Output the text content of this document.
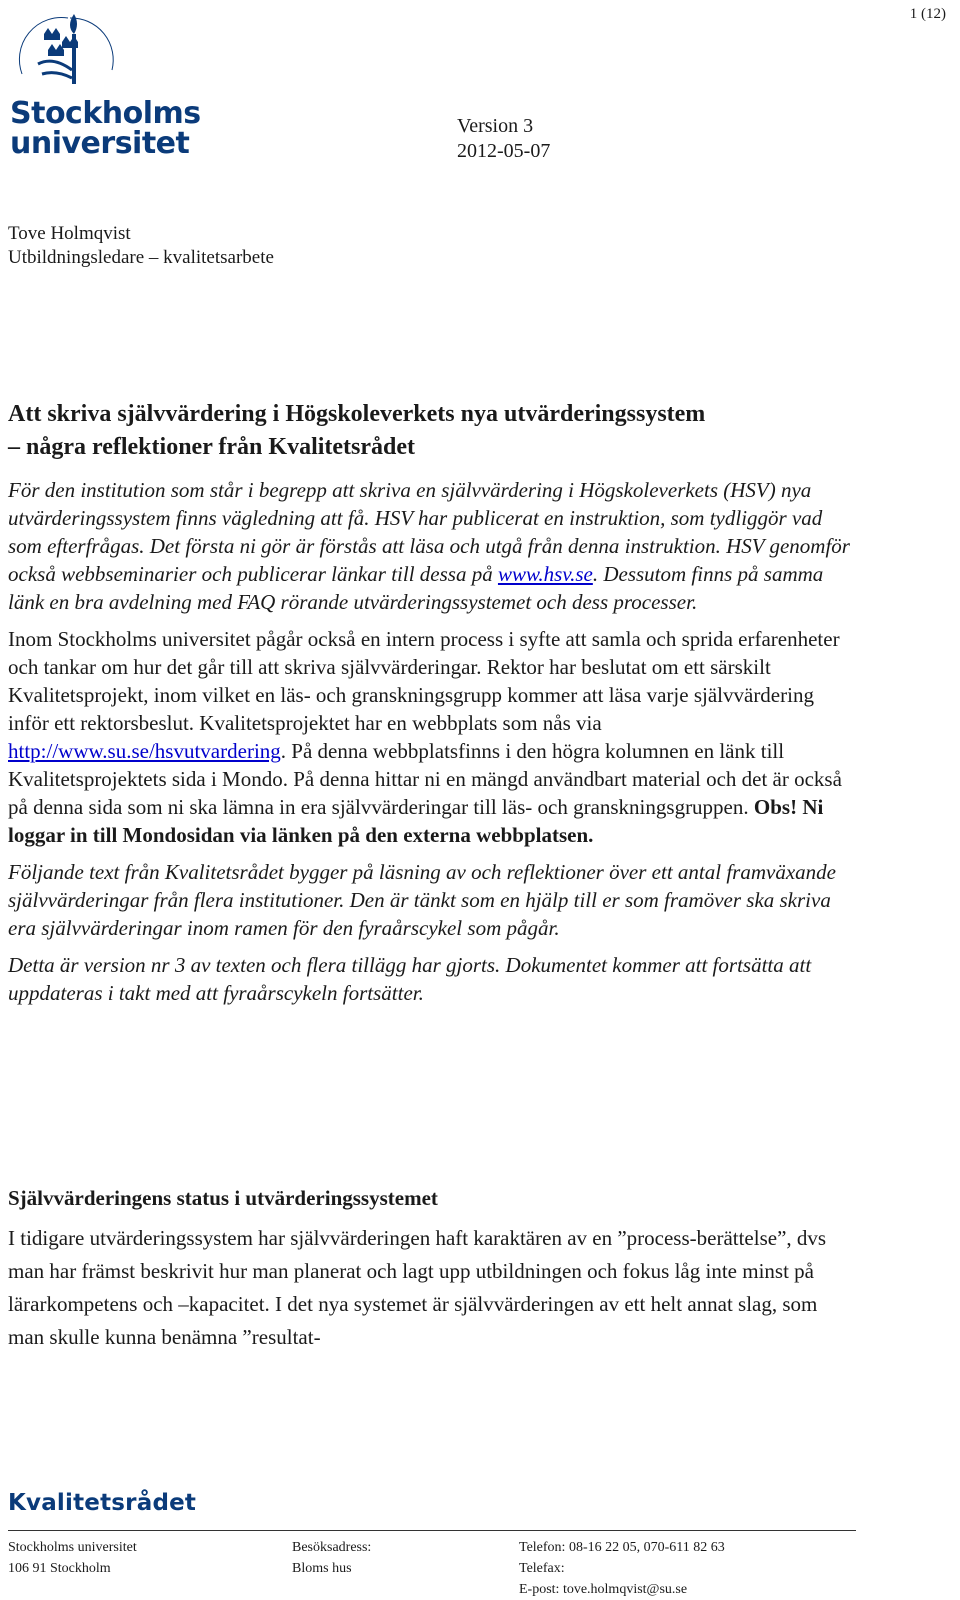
1 (12)
Stockholms
universitet	Version 3
2012-05-07
Tove Holmqvist
Utbildningsledare – kvalitetsarbete
Att skriva självvärdering i Högskoleverkets nya utvärderingssystem
– några reflektioner från Kvalitetsrådet

För den institution som står i begrepp att skriva en självvärdering i Högskoleverkets (HSV) nya utvärderingssystem finns vägledning att få. HSV har publicerat en instruktion, som tydliggör vad som efterfrågas. Det första ni gör är förstås att läsa och utgå från denna instruktion. HSV genomför också webbseminarier och publicerar länkar till dessa på www.hsv.se. Dessutom finns på samma länk en bra avdelning med FAQ rörande utvärderingssystemet och dess processer.

Inom Stockholms universitet pågår också en intern process i syfte att samla och sprida erfarenheter och tankar om hur det går till att skriva självvärderingar. Rektor har beslutat om ett särskilt Kvalitetsprojekt, inom vilket en läs- och granskningsgrupp kommer att läsa varje självvärdering inför ett rektorsbeslut. Kvalitetsprojektet har en webbplats som nås via http://www.su.se/hsvutvardering. På denna webbplatsfinns i den högra kolumnen en länk till Kvalitetsprojektets sida i Mondo. På denna hittar ni en mängd användbart material och det är också på denna sida som ni ska lämna in era självvärderingar till läs- och granskningsgruppen. Obs! Ni loggar in till Mondosidan via länken på den externa webbplatsen.

Följande text från Kvalitetsrådet bygger på läsning av och reflektioner över ett antal framväxande självvärderingar från flera institutioner. Den är tänkt som en hjälp till er som framöver ska skriva era självvärderingar inom ramen för den fyraårscykel som pågår.

Detta är version nr 3 av texten och flera tillägg har gjorts. Dokumentet kommer att fortsätta att uppdateras i takt med att fyraårscykeln fortsätter.

Självvärderingens status i utvärderingssystemet
I tidigare utvärderingssystem har självvärderingen haft karaktären av en ”process-berättelse”, dvs man har främst beskrivit hur man planerat och lagt upp utbildningen och fokus låg inte minst på lärarkompetens och –kapacitet. I det nya systemet är självvärderingen av ett helt annat slag, som man skulle kunna benämna ”resultat-
Kvalitetsrådet
Stockholms universitet
106 91 Stockholm
Besöksadress:
Bloms hus
Telefon: 08-16 22 05, 070-611 82 63
Telefax:
E-post: tove.holmqvist@su.se
